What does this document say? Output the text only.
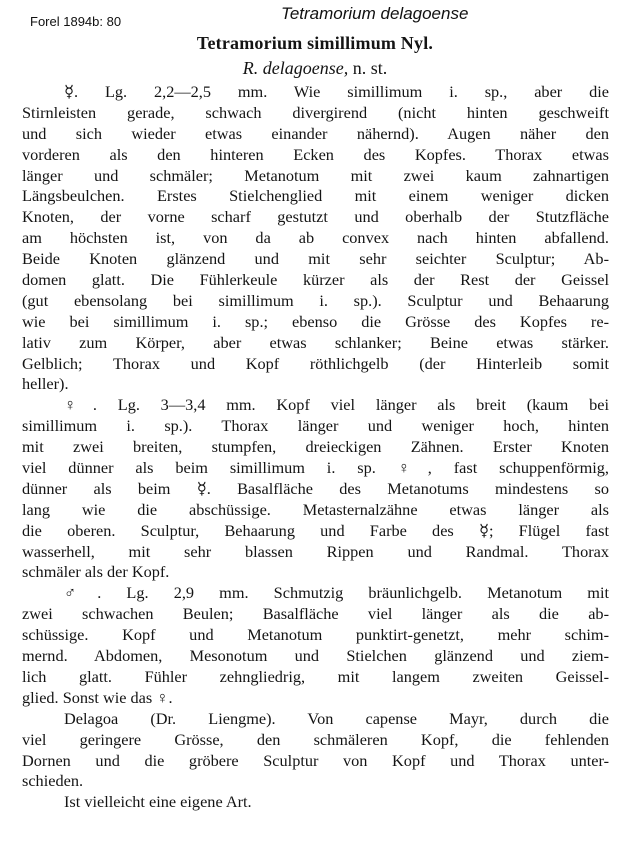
Forel 1894b: 80	Tetramorium delagoense
Tetramorium simillimum Nyl.
R. delagoense, n. st.
☿. Lg. 2,2—2,5 mm. Wie simillimum i. sp., aber die
Stirnleisten gerade, schwach divergirend (nicht hinten geschweift
und sich wieder etwas einander nähernd). Augen näher den
vorderen als den hinteren Ecken des Kopfes. Thorax etwas
länger und schmäler; Metanotum mit zwei kaum zahnartigen
Längsbeulchen. Erstes Stielchenglied mit einem weniger dicken
Knoten, der vorne scharf gestutzt und oberhalb der Stutzfläche
am höchsten ist, von da ab convex nach hinten abfallend.
Beide Knoten glänzend und mit sehr seichter Sculptur; Ab-
domen glatt. Die Fühlerkeule kürzer als der Rest der Geissel
(gut ebensolang bei simillimum i. sp.). Sculptur und Behaarung
wie bei simillimum i. sp.; ebenso die Grösse des Kopfes re-
lativ zum Körper, aber etwas schlanker; Beine etwas stärker.
Gelblich; Thorax und Kopf röthlichgelb (der Hinterleib somit
heller).
♀. Lg. 3—3,4 mm. Kopf viel länger als breit (kaum bei
simillimum i. sp.). Thorax länger und weniger hoch, hinten
mit zwei breiten, stumpfen, dreieckigen Zähnen. Erster Knoten
viel dünner als beim simillimum i. sp. ♀, fast schuppenförmig,
dünner als beim ☿. Basalfläche des Metanotums mindestens so
lang wie die abschüssige. Metasternalzähne etwas länger als
die oberen. Sculptur, Behaarung und Farbe des ☿; Flügel fast
wasserhell, mit sehr blassen Rippen und Randmal. Thorax
schmäler als der Kopf.
♂. Lg. 2,9 mm. Schmutzig bräunlichgelb. Metanotum mit
zwei schwachen Beulen; Basalfläche viel länger als die ab-
schüssige. Kopf und Metanotum punktirt-genetzt, mehr schim-
mernd. Abdomen, Mesonotum und Stielchen glänzend und ziem-
lich glatt. Fühler zehngliedrig, mit langem zweiten Geissel-
glied. Sonst wie das ♀.
Delagoa (Dr. Liengme). Von capense Mayr, durch die
viel geringere Grösse, den schmäleren Kopf, die fehlenden
Dornen und die gröbere Sculptur von Kopf und Thorax unter-
schieden.
Ist vielleicht eine eigene Art.
